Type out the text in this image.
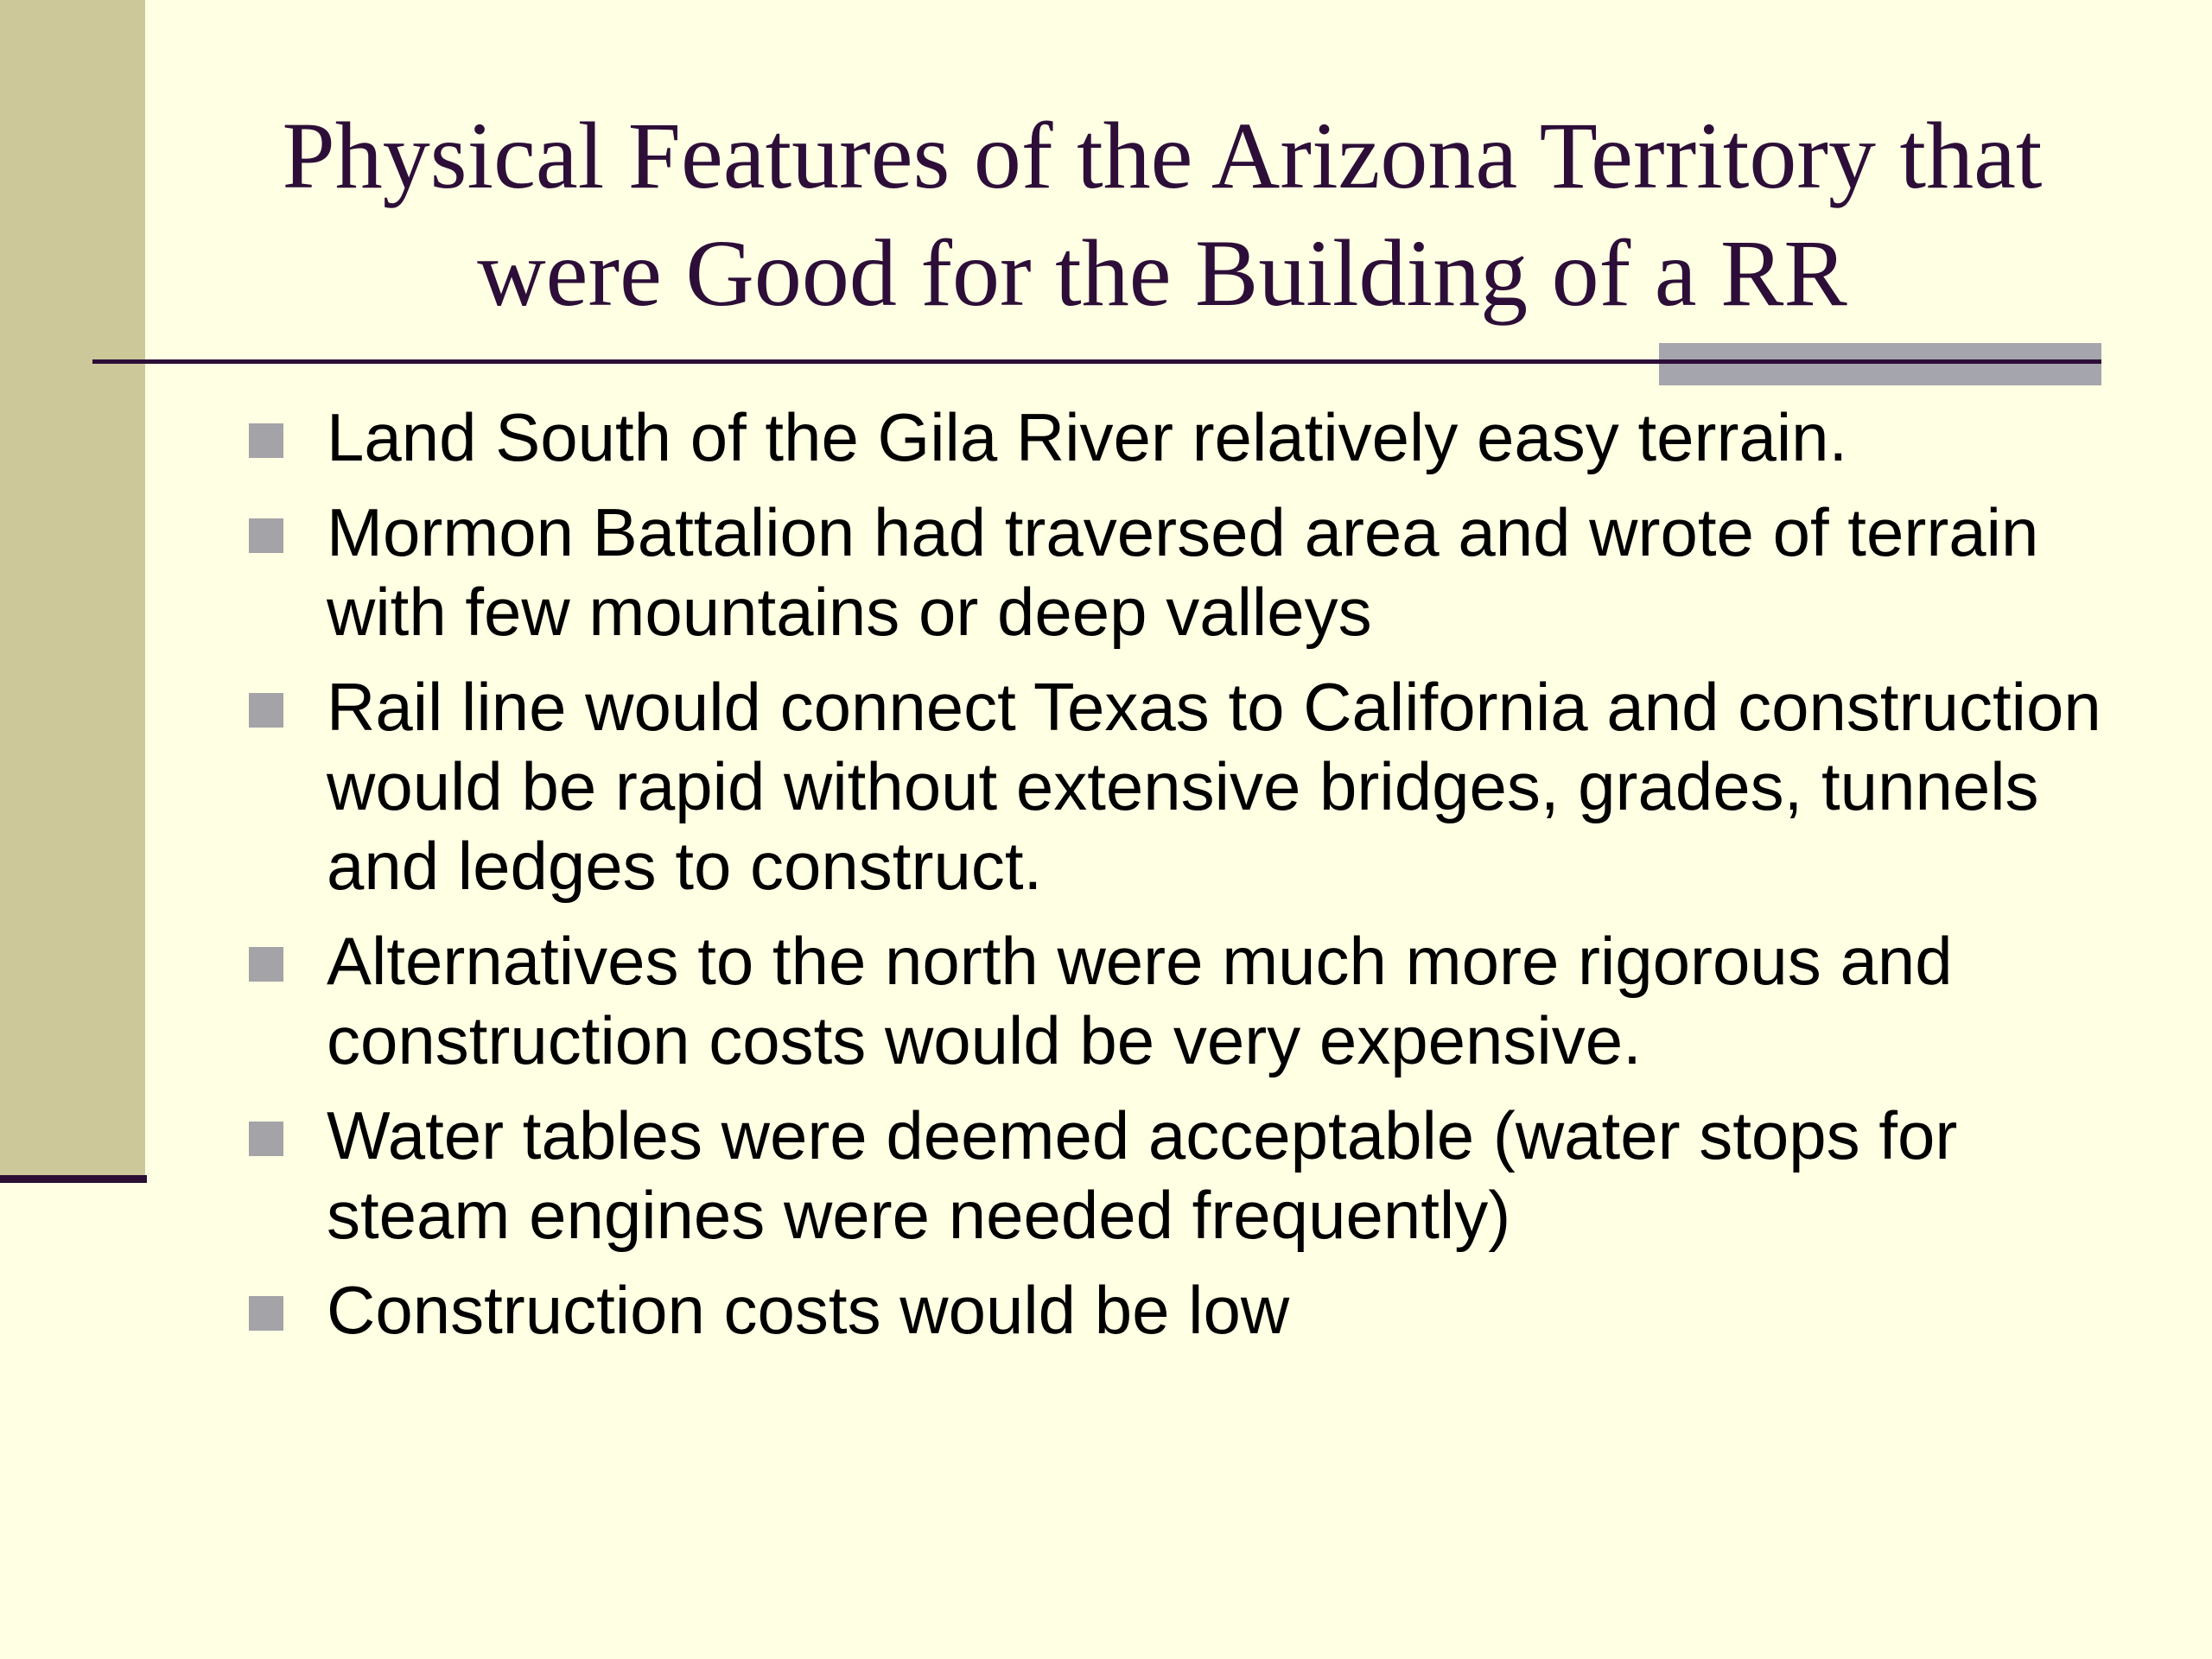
Physical Features of the Arizona Territory that
were Good for the Building of a RR
Land South of the Gila River relatively easy terrain.
Mormon Battalion had traversed area and wrote of terrain with few mountains or deep valleys
Rail line would connect Texas to California and construction would be rapid without extensive bridges, grades, tunnels and ledges to construct.
Alternatives to the north were much more rigorous and construction costs would be very expensive.
Water tables were deemed acceptable (water stops for steam engines were needed frequently)
Construction costs would be low
